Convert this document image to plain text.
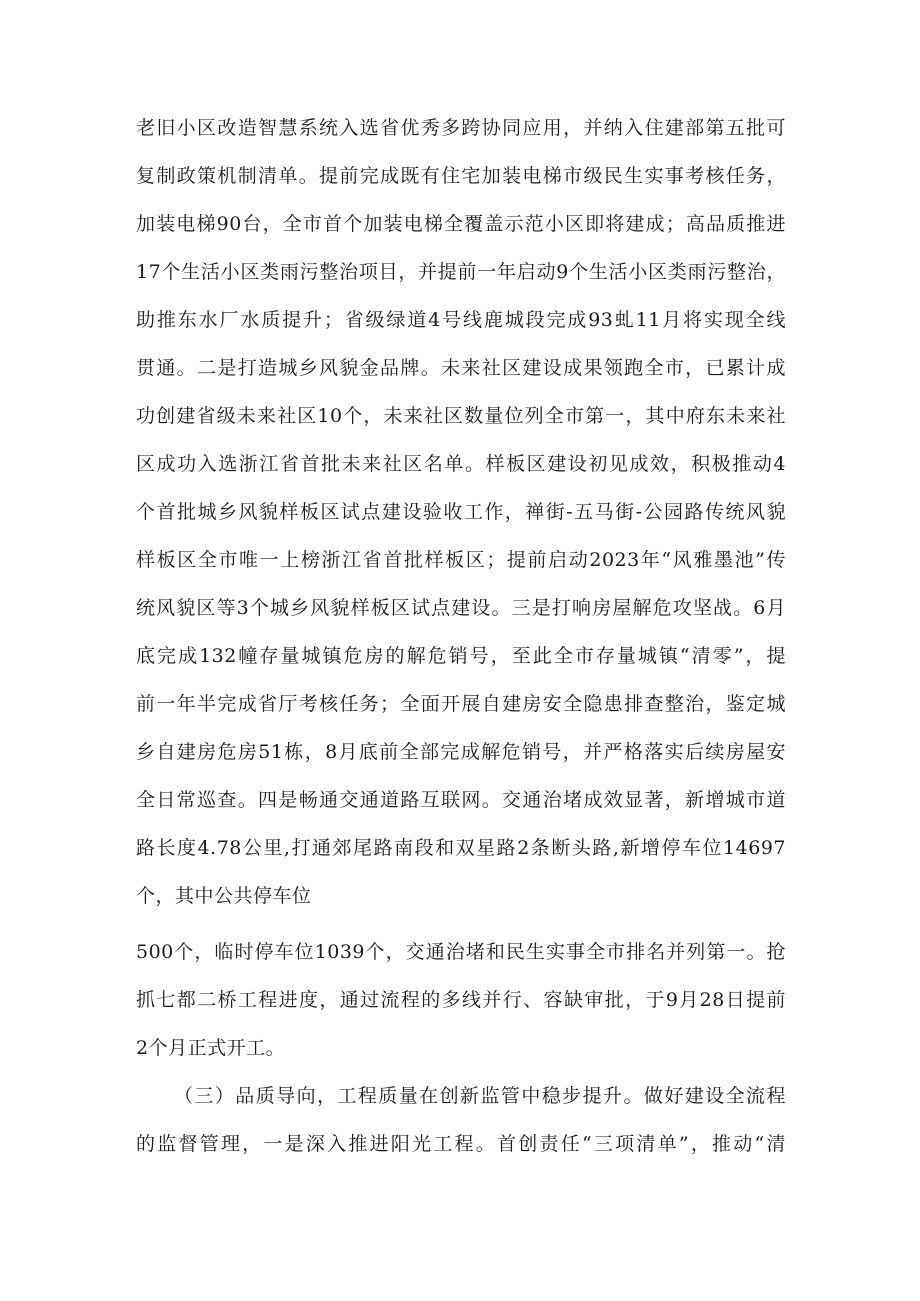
老旧小区改造智慧系统入选省优秀多跨协同应用，并纳入住建部第五批可
复制政策机制清单。提前完成既有住宅加装电梯市级民生实事考核任务，
加装电梯90台，全市首个加装电梯全覆盖示范小区即将建成；高品质推进
17个生活小区类雨污整治项目，并提前一年启动9个生活小区类雨污整治，
助推东水厂水质提升；省级绿道4号线鹿城段完成93虬11月将实现全线
贯通。二是打造城乡风貌金品牌。未来社区建设成果领跑全市，已累计成
功创建省级未来社区10个，未来社区数量位列全市第一，其中府东未来社
区成功入选浙江省首批未来社区名单。样板区建设初见成效，积极推动4
个首批城乡风貌样板区试点建设验收工作，禅街-五马街-公园路传统风貌
样板区全市唯一上榜浙江省首批样板区；提前启动2023年“风雅墨池”传
统风貌区等3个城乡风貌样板区试点建设。三是打响房屋解危攻坚战。6月
底完成132幢存量城镇危房的解危销号，至此全市存量城镇“清零”，提
前一年半完成省厅考核任务；全面开展自建房安全隐患排查整治，鉴定城
乡自建房危房51栋，8月底前全部完成解危销号，并严格落实后续房屋安
全日常巡查。四是畅通交通道路互联网。交通治堵成效显著，新增城市道
路长度4.78公里,打通郊尾路南段和双星路2条断头路,新增停车位14697
个，其中公共停车位
500个，临时停车位1039个，交通治堵和民生实事全市排名并列第一。抢
抓七都二桥工程进度，通过流程的多线并行、容缺审批，于9月28日提前
2个月正式开工。
（三）品质导向，工程质量在创新监管中稳步提升。做好建设全流程
的监督管理，一是深入推进阳光工程。首创责任“三项清单”，推动“清
